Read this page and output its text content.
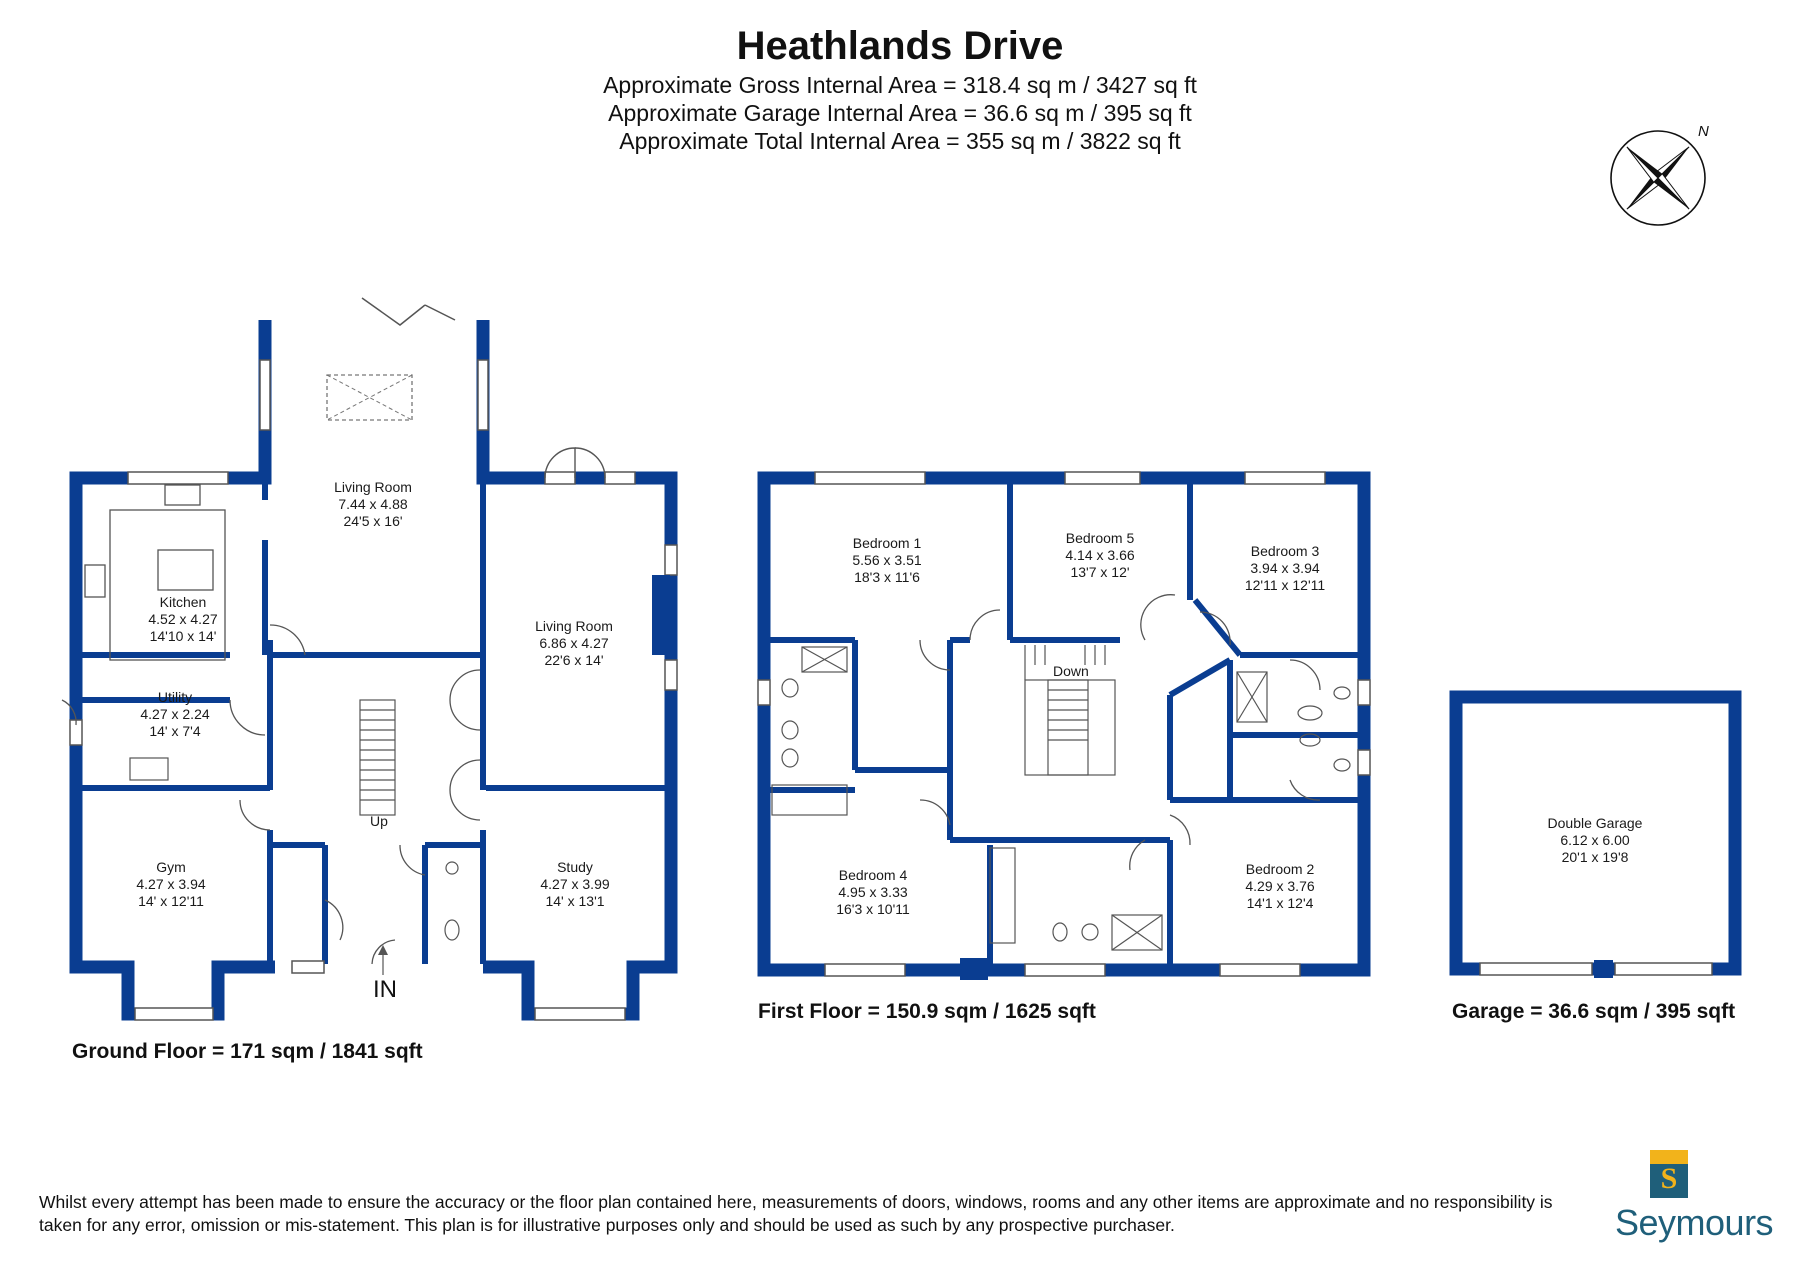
Heathlands Drive
Approximate Gross Internal Area = 318.4 sq m / 3427 sq ft
Approximate Garage Internal Area = 36.6 sq m / 395 sq ft
Approximate Total Internal Area = 355 sq m / 3822 sq ft	N
Up
IN
Living Room
7.44 x 4.88
24'5 x 16'
Kitchen
4.52 x 4.27
14'10 x 14'
Living Room
6.86 x 4.27
22'6 x 14'
Utility
4.27 x 2.24
14' x 7'4
Gym
4.27 x 3.94
14' x 12'11
Study
4.27 x 3.99
14' x 13'1
Down
Bedroom 1
5.56 x 3.51
18'3 x 11'6
Bedroom 5
4.14 x 3.66
13'7 x 12'
Bedroom 3
3.94 x 3.94
12'11 x 12'11
Bedroom 4
4.95 x 3.33
16'3 x 10'11
Bedroom 2
4.29 x 3.76
14'1 x 12'4
Double Garage
6.12 x 6.00
20'1 x 19'8
Ground Floor = 171 sqm / 1841 sqft
First Floor = 150.9 sqm / 1625 sqft	Garage = 36.6 sqm / 395 sqft
Whilst every attempt has been made to ensure the accuracy or the floor plan contained here, measurements of doors, windows, rooms and any other items are approximate and no responsibility is taken for any error, omission or mis-statement. This plan is for illustrative purposes only and should be used as such by any prospective purchaser.
S
Seymours
